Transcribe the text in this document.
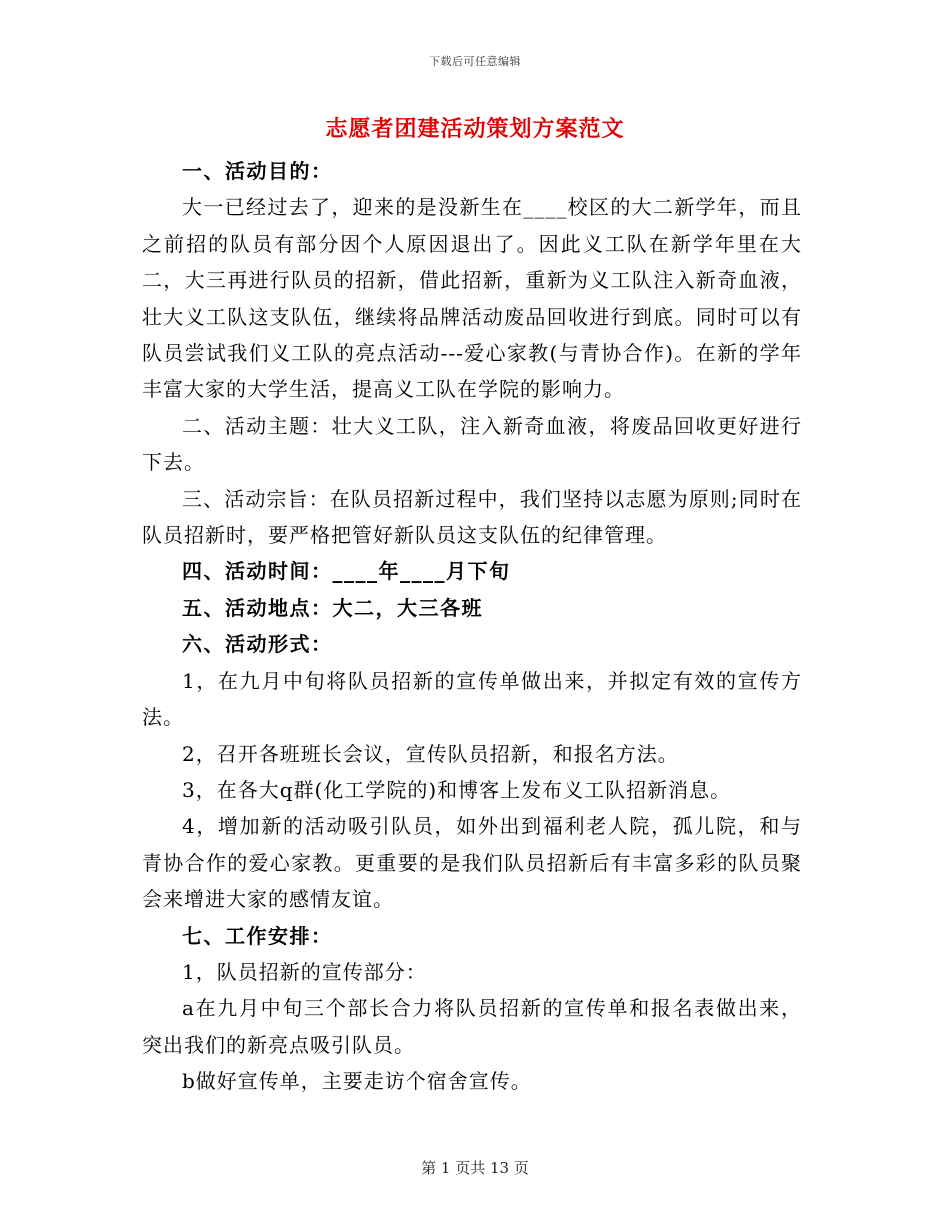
下载后可任意编辑
志愿者团建活动策划方案范文

一、活动目的：

大一已经过去了，迎来的是没新生在____校区的大二新学年，而且之前招的队员有部分因个人原因退出了。因此义工队在新学年里在大二，大三再进行队员的招新，借此招新，重新为义工队注入新奇血液，壮大义工队这支队伍，继续将品牌活动废品回收进行到底。同时可以有队员尝试我们义工队的亮点活动---爱心家教(与青协合作)。在新的学年丰富大家的大学生活，提高义工队在学院的影响力。

二、活动主题：壮大义工队，注入新奇血液，将废品回收更好进行下去。

三、活动宗旨：在队员招新过程中，我们坚持以志愿为原则;同时在队员招新时，要严格把管好新队员这支队伍的纪律管理。

四、活动时间：____年____月下旬

五、活动地点：大二，大三各班

六、活动形式：

1，在九月中旬将队员招新的宣传单做出来，并拟定有效的宣传方法。

2，召开各班班长会议，宣传队员招新，和报名方法。

3，在各大q群(化工学院的)和博客上发布义工队招新消息。

4，增加新的活动吸引队员，如外出到福利老人院，孤儿院，和与青协合作的爱心家教。更重要的是我们队员招新后有丰富多彩的队员聚会来增进大家的感情友谊。

七、工作安排：

1，队员招新的宣传部分：

a在九月中旬三个部长合力将队员招新的宣传单和报名表做出来，突出我们的新亮点吸引队员。

b做好宣传单，主要走访个宿舍宣传。

第 1 页共 13 页
